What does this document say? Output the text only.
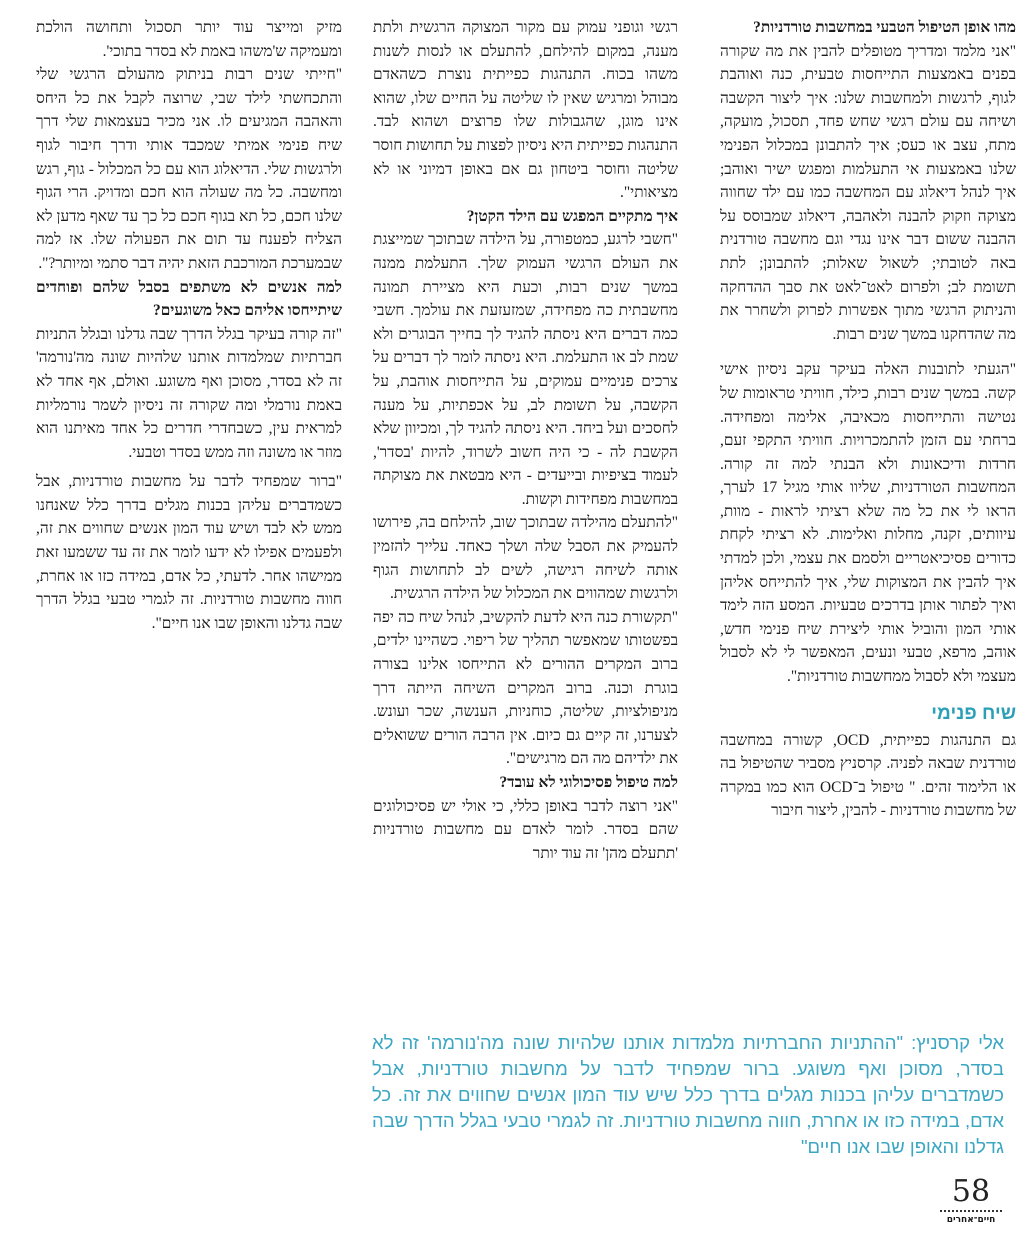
מהו אופן הטיפול הטבעי במחשבות טורדניות?

"אני מלמד ומדריך מטופלים להבין את מה שקורה בפנים באמצעות התייחסות טבעית, כנה ואוהבת לגוף, לרגשות ולמחשבות שלנו: איך ליצור הקשבה ושיחה עם עולם רגשי שחש פחד, תסכול, מועקה, מתח, עצב או כעס; איך להתבונן במכלול הפנימי שלנו באמצעות אי התעלמות ומפגש ישיר ואוהב; איך לנהל דיאלוג עם המחשבה כמו עם ילד שחווה מצוקה וזקוק להבנה ולאהבה, דיאלוג שמבוסס על ההבנה ששום דבר אינו נגדי וגם מחשבה טורדנית באה לטובתי; לשאול שאלות; להתבונן; לתת תשומת לב; ולפרום לאט־לאט את סבך ההדחקה והניתוק הרגשי מתוך אפשרות לפרוק ולשחרר את מה שהדחקנו במשך שנים רבות.

"הגעתי לתובנות האלה בעיקר עקב ניסיון אישי קשה. במשך שנים רבות, כילד, חוויתי טראומות של נטישה והתייחסות מכאיבה, אלימה ומפחידה. ברחתי עם הזמן להתמכרויות. חוויתי התקפי זעם, חרדות ודיכאונות ולא הבנתי למה זה קורה. המחשבות הטורדניות, שליוו אותי מגיל 17 לערך, הראו לי את כל מה שלא רציתי לראות - מוות, עיוותים, זקנה, מחלות ואלימות. לא רציתי לקחת כדורים פסיכיאטריים ולסמם את עצמי, ולכן למדתי איך להבין את המצוקות שלי, איך להתייחס אליהן ואיך לפתור אותן בדרכים טבעיות. המסע הזה לימד אותי המון והוביל אותי ליצירת שיח פנימי חדש, אוהב, מרפא, טבעי ונעים, המאפשר לי לא לסבול מעצמי ולא לסבול ממחשבות טורדניות".

שיח פנימי

גם התנהגות כפייתית, OCD, קשורה במחשבה טורדנית שבאה לפניה. קרסניץ מסביר שהטיפול בה או הלימוד זהים. " טיפול ב־OCD הוא כמו במקרה של מחשבות טורדניות - להבין, ליצור חיבור

רגשי וגופני עמוק עם מקור המצוקה הרגשית ולתת מענה, במקום להילחם, להתעלם או לנסות לשנות משהו בכוח. התנהגות כפייתית נוצרת כשהאדם מבוהל ומרגיש שאין לו שליטה על החיים שלו, שהוא אינו מוגן, שהגבולות שלו פרוצים ושהוא לבד. התנהגות כפייתית היא ניסיון לפצות על תחושות חוסר שליטה וחוסר ביטחון גם אם באופן דמיוני או לא מציאותי".

איך מתקיים המפגש עם הילד הקטן?

"חשבי לרגע, כמטפורה, על הילדה שבתוכך שמייצגת את העולם הרגשי העמוק שלך. התעלמת ממנה במשך שנים רבות, וכעת היא מציירת תמונה מחשבתית כה מפחידה, שמזעזעת את עולמך. חשבי כמה דברים היא ניסתה להגיד לך בחייך הבוגרים ולא שמת לב או התעלמת. היא ניסתה לומר לך דברים על צרכים פנימיים עמוקים, על התייחסות אוהבת, על הקשבה, על תשומת לב, על אכפתיות, על מענה לחסכים ועל ביחד. היא ניסתה להגיד לך, ומכיוון שלא הקשבת לה - כי היה חשוב לשרוד, להיות 'בסדר', לעמוד בציפיות ובייעדים - היא מבטאת את מצוקתה במחשבות מפחידות וקשות.

"להתעלם מהילדה שבתוכך שוב, להילחם בה, פירושו להעמיק את הסבל שלה ושלך כאחד. עלייך להזמין אותה לשיחה רגישה, לשים לב לתחושות הגוף ולרגשות שמהווים את המכלול של הילדה הרגשית.

"תקשורת כנה היא לדעת להקשיב, לנהל שיח כה יפה בפשטותו שמאפשר תהליך של ריפוי. כשהיינו ילדים, ברוב המקרים ההורים לא התייחסו אלינו בצורה בוגרת וכנה. ברוב המקרים השיחה הייתה דרך מניפולציות, שליטה, כוחניות, הענשה, שכר ועונש. לצערנו, זה קיים גם כיום. אין הרבה הורים ששואלים את ילדיהם מה הם מרגישים".

למה טיפול פסיכולוגי לא עובד?

"אני רוצה לדבר באופן כללי, כי אולי יש פסיכולוגים שהם בסדר. לומר לאדם עם מחשבות טורדניות 'תתעלם מהן' זה עוד יותר

מזיק ומייצר עוד יותר תסכול ותחושה הולכת ומעמיקה ש'משהו באמת לא בסדר בתוכי'.

"חייתי שנים רבות בניתוק מהעולם הרגשי שלי והתכחשתי לילד שבי, שרוצה לקבל את כל היחס והאהבה המגיעים לו. אני מכיר בעצמאות שלי דרך שיח פנימי אמיתי שמכבד אותי ודרך חיבור לגוף ולרגשות שלי. הדיאלוג הוא עם כל המכלול - גוף, רגש ומחשבה. כל מה שעולה הוא חכם ומדויק. הרי הגוף שלנו חכם, כל תא בגוף חכם כל כך עד שאף מדען לא הצליח לפענח עד תום את הפעולה שלו. אז למה שבמערכת המורכבת הזאת יהיה דבר סתמי ומיותר?".

למה אנשים לא משתפים בסבל שלהם ופוחדים שיתייחסו אליהם כאל משוגעים?

"זה קורה בעיקר בגלל הדרך שבה גדלנו ובגלל התניות חברתיות שמלמדות אותנו שלהיות שונה מה'נורמה' זה לא בסדר, מסוכן ואף משוגע. ואולם, אף אחד לא באמת נורמלי ומה שקורה זה ניסיון לשמר נורמליות למראית עין, כשבחדרי חדרים כל אחד מאיתנו הוא מוזר או משונה וזה ממש בסדר וטבעי.

"ברור שמפחיד לדבר על מחשבות טורדניות, אבל כשמדברים עליהן בכנות מגלים בדרך כלל שאנחנו ממש לא לבד ושיש עוד המון אנשים שחווים את זה, ולפעמים אפילו לא ידעו לומר את זה עד ששמעו זאת ממישהו אחר. לדעתי, כל אדם, במידה כזו או אחרת, חווה מחשבות טורדניות. זה לגמרי טבעי בגלל הדרך שבה גדלנו והאופן שבו אנו חיים".

אלי קרסניץ: "ההתניות החברתיות מלמדות אותנו שלהיות שונה מה'נורמה' זה לא בסדר, מסוכן ואף משוגע. ברור שמפחיד לדבר על מחשבות טורדניות, אבל כשמדברים עליהן בכנות מגלים בדרך כלל שיש עוד המון אנשים שחווים את זה. כל אדם, במידה כזו או אחרת, חווה מחשבות טורדניות. זה לגמרי טבעי בגלל הדרך שבה גדלנו והאופן שבו אנו חיים"
58
חיים־אחרים
